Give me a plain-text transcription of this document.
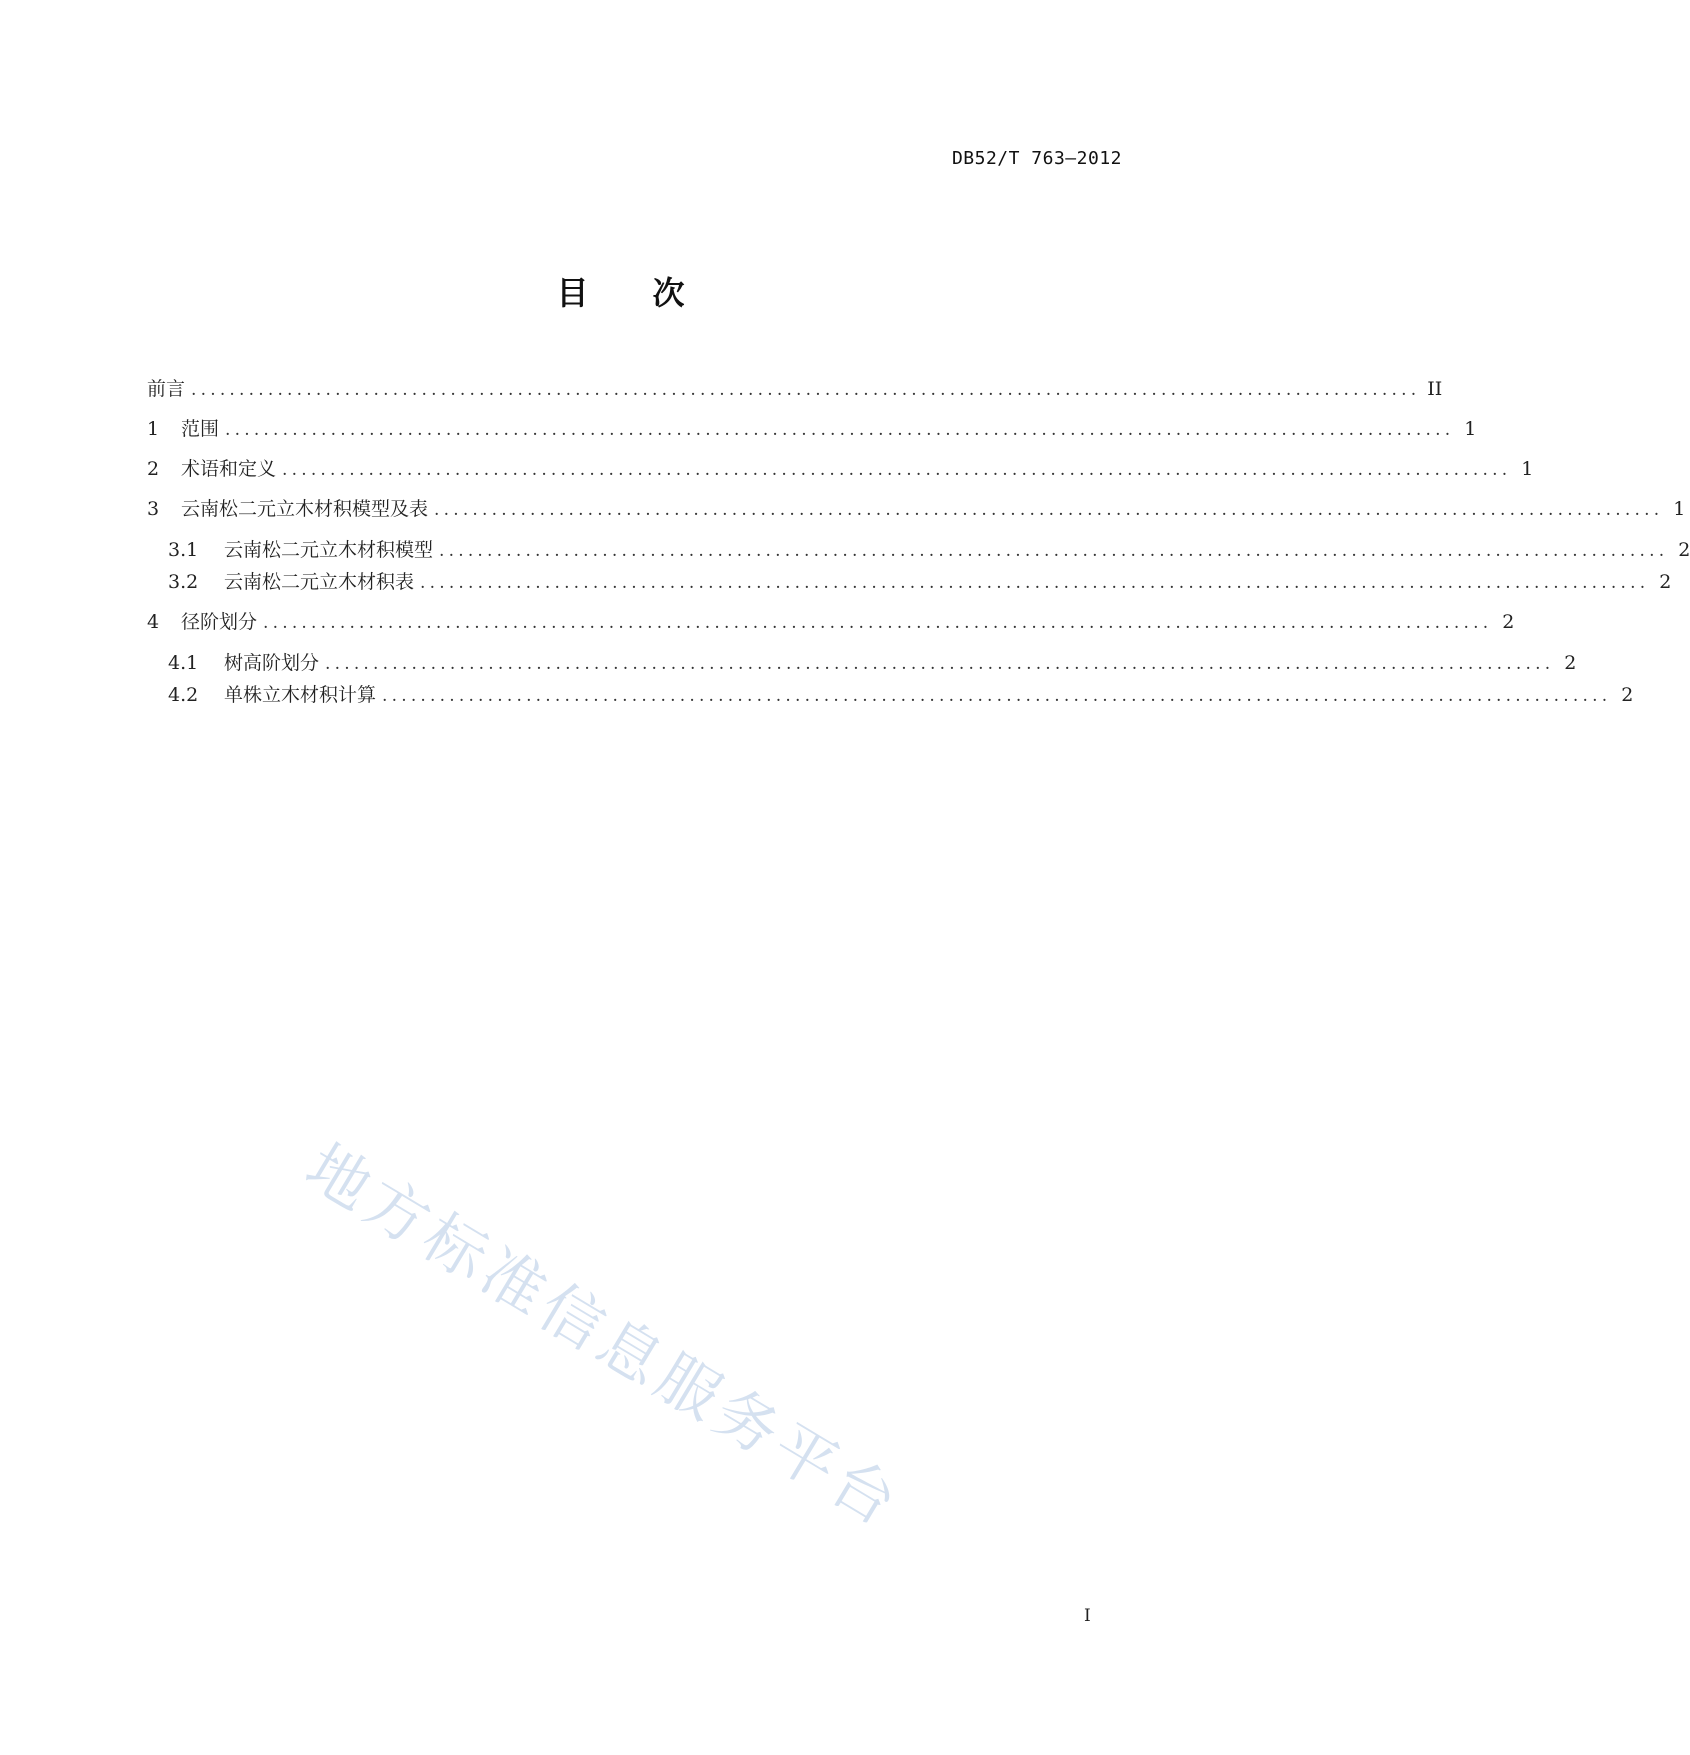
DB52/T 763—2012
目 次
前言 ................................................................................................................................ II
1	范围 ................................................................................................................................ 1
2	术语和定义 ................................................................................................................................ 1
3	云南松二元立木材积模型及表 ................................................................................................................................ 1
3.1	云南松二元立木材积模型 ................................................................................................................................ 2
3.2	云南松二元立木材积表 ................................................................................................................................ 2
4	径阶划分 ................................................................................................................................ 2
4.1	树高阶划分 ................................................................................................................................ 2
4.2	单株立木材积计算 ................................................................................................................................ 2
地方标准信息服务平台
I
